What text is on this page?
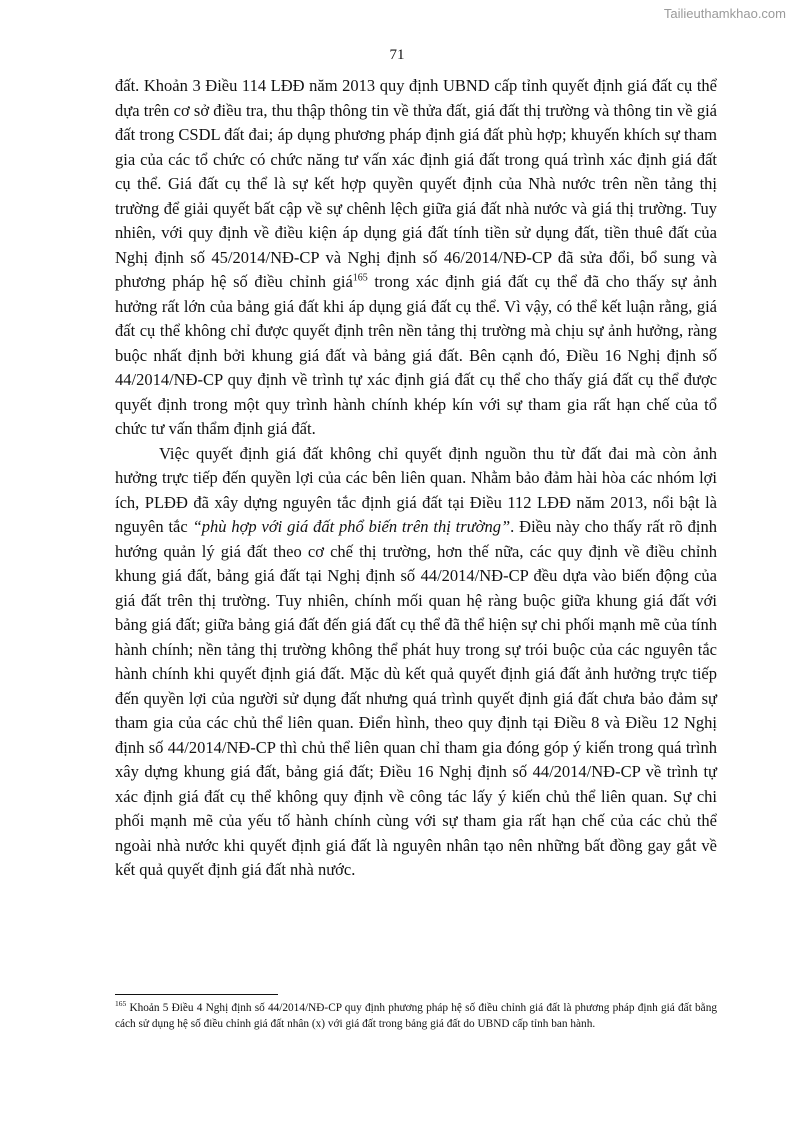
Tailieuthamkhao.com
71

đất. Khoản 3 Điều 114 LĐĐ năm 2013 quy định UBND cấp tỉnh quyết định giá đất cụ thể dựa trên cơ sở điều tra, thu thập thông tin về thửa đất, giá đất thị trường và thông tin về giá đất trong CSDL đất đai; áp dụng phương pháp định giá đất phù hợp; khuyến khích sự tham gia của các tổ chức có chức năng tư vấn xác định giá đất trong quá trình xác định giá đất cụ thể. Giá đất cụ thể là sự kết hợp quyền quyết định của Nhà nước trên nền tảng thị trường để giải quyết bất cập về sự chênh lệch giữa giá đất nhà nước và giá thị trường. Tuy nhiên, với quy định về điều kiện áp dụng giá đất tính tiền sử dụng đất, tiền thuê đất của Nghị định số 45/2014/NĐ-CP và Nghị định số 46/2014/NĐ-CP đã sửa đổi, bổ sung và phương pháp hệ số điều chỉnh giá$^{165}$ trong xác định giá đất cụ thể đã cho thấy sự ảnh hưởng rất lớn của bảng giá đất khi áp dụng giá đất cụ thể. Vì vậy, có thể kết luận rằng, giá đất cụ thể không chỉ được quyết định trên nền tảng thị trường mà chịu sự ảnh hưởng, ràng buộc nhất định bởi khung giá đất và bảng giá đất. Bên cạnh đó, Điều 16 Nghị định số 44/2014/NĐ-CP quy định về trình tự xác định giá đất cụ thể cho thấy giá đất cụ thể được quyết định trong một quy trình hành chính khép kín với sự tham gia rất hạn chế của tổ chức tư vấn thẩm định giá đất.

Việc quyết định giá đất không chỉ quyết định nguồn thu từ đất đai mà còn ảnh hưởng trực tiếp đến quyền lợi của các bên liên quan. Nhằm bảo đảm hài hòa các nhóm lợi ích, PLĐĐ đã xây dựng nguyên tắc định giá đất tại Điều 112 LĐĐ năm 2013, nổi bật là nguyên tắc “phù hợp với giá đất phổ biến trên thị trường”. Điều này cho thấy rất rõ định hướng quản lý giá đất theo cơ chế thị trường, hơn thế nữa, các quy định về điều chỉnh khung giá đất, bảng giá đất tại Nghị định số 44/2014/NĐ-CP đều dựa vào biến động của giá đất trên thị trường. Tuy nhiên, chính mối quan hệ ràng buộc giữa khung giá đất với bảng giá đất; giữa bảng giá đất đến giá đất cụ thể đã thể hiện sự chi phối mạnh mẽ của tính hành chính; nền tảng thị trường không thể phát huy trong sự trói buộc của các nguyên tắc hành chính khi quyết định giá đất. Mặc dù kết quả quyết định giá đất ảnh hưởng trực tiếp đến quyền lợi của người sử dụng đất nhưng quá trình quyết định giá đất chưa bảo đảm sự tham gia của các chủ thể liên quan. Điển hình, theo quy định tại Điều 8 và Điều 12 Nghị định số 44/2014/NĐ-CP thì chủ thể liên quan chỉ tham gia đóng góp ý kiến trong quá trình xây dựng khung giá đất, bảng giá đất; Điều 16 Nghị định số 44/2014/NĐ-CP về trình tự xác định giá đất cụ thể không quy định về công tác lấy ý kiến chủ thể liên quan. Sự chi phối mạnh mẽ của yếu tố hành chính cùng với sự tham gia rất hạn chế của các chủ thể ngoài nhà nước khi quyết định giá đất là nguyên nhân tạo nên những bất đồng gay gắt về kết quả quyết định giá đất nhà nước.

$^{165}$ Khoản 5 Điều 4 Nghị định số 44/2014/NĐ-CP quy định phương pháp hệ số điều chỉnh giá đất là phương pháp định giá đất bằng cách sử dụng hệ số điều chỉnh giá đất nhân (x) với giá đất trong bảng giá đất do UBND cấp tỉnh ban hành.
